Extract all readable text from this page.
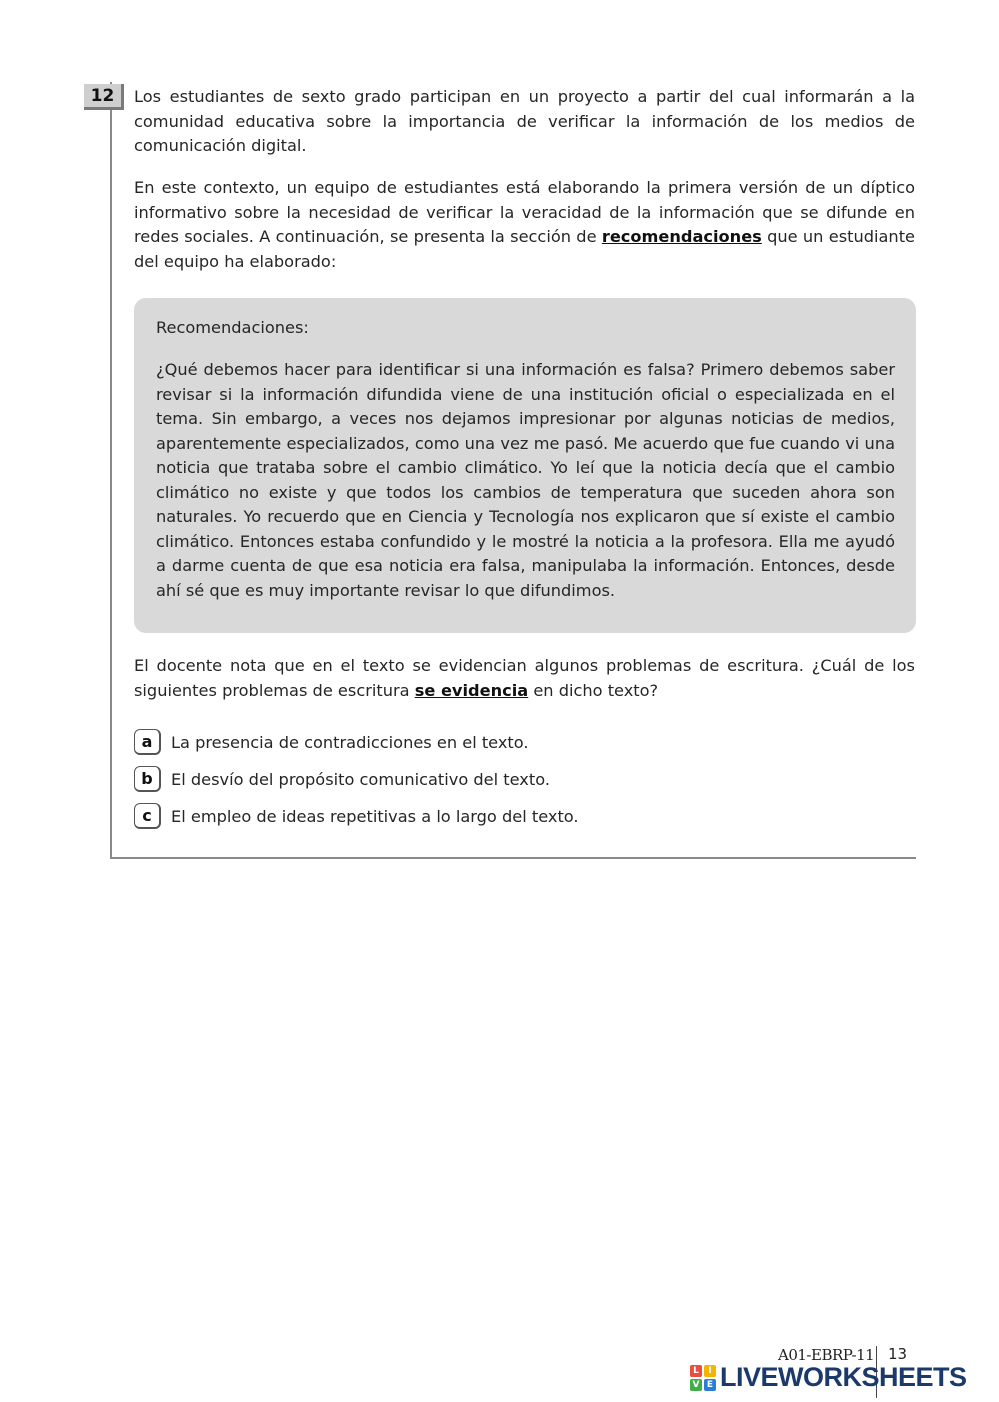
12	Los estudiantes de sexto grado participan en un proyecto a partir del cual informarán a la comunidad educativa sobre la importancia de verificar la información de los medios de comunicación digital.

En este contexto, un equipo de estudiantes está elaborando la primera versión de un díptico informativo sobre la necesidad de verificar la veracidad de la información que se difunde en redes sociales. A continuación, se presenta la sección de recomendaciones que un estudiante del equipo ha elaborado:

Recomendaciones:

¿Qué debemos hacer para identificar si una información es falsa? Primero debemos saber revisar si la información difundida viene de una institución oficial o especializada en el tema. Sin embargo, a veces nos dejamos impresionar por algunas noticias de medios, aparentemente especializados, como una vez me pasó. Me acuerdo que fue cuando vi una noticia que trataba sobre el cambio climático. Yo leí que la noticia decía que el cambio climático no existe y que todos los cambios de temperatura que suceden ahora son naturales. Yo recuerdo que en Ciencia y Tecnología nos explicaron que sí existe el cambio climático. Entonces estaba confundido y le mostré la noticia a la profesora. Ella me ayudó a darme cuenta de que esa noticia era falsa, manipulaba la información. Entonces, desde ahí sé que es muy importante revisar lo que difundimos.

El docente nota que en el texto se evidencian algunos problemas de escritura. ¿Cuál de los siguientes problemas de escritura se evidencia en dicho texto?

a	La presencia de contradicciones en el texto.
b	El desvío del propósito comunicativo del texto.
c	El empleo de ideas repetitivas a lo largo del texto.
A01-EBRP-11 13
L	I
V E LIVEWORKSHEETS
